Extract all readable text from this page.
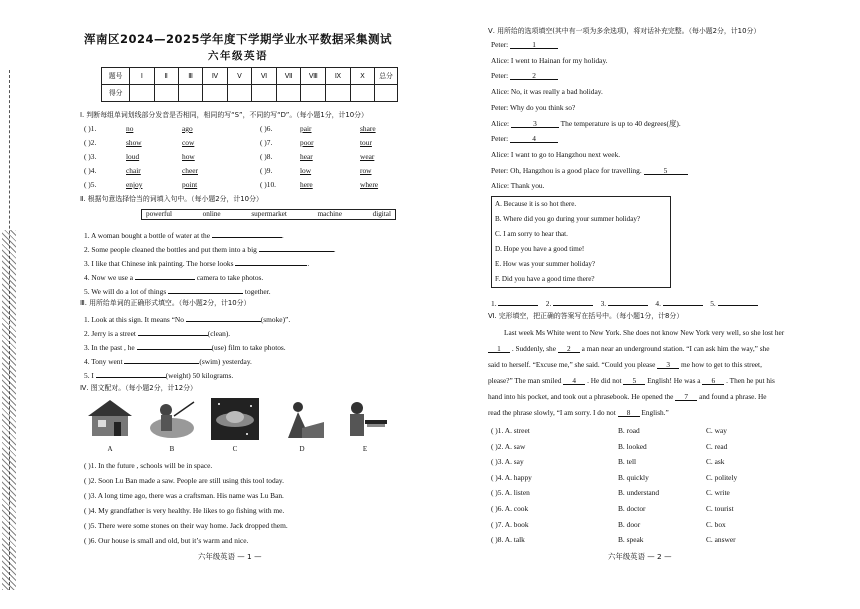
浑南区2024—2025学年度下学期学业水平数据采集测试
六年级英语
题号	Ⅰ	Ⅱ	Ⅲ	Ⅳ	Ⅴ	Ⅵ	Ⅶ	Ⅷ	Ⅸ	Ⅹ	总分
得分											
Ⅰ. 判断每组单词划线部分发音是否相同，相同的写“S”，不同的写“D”。（每小题1分，计10分）
( )1.	no	ago	( )6.	pair	share
( )2.	show	cow	( )7.	poor	tour
( )3.	loud	how	( )8.	hear	wear
( )4.	chair	cheer	( )9.	low	row
( )5.	enjoy	point	( )10.	here	where
Ⅱ. 根据句意选择恰当的词填入句中。（每小题2分，计10分）
powerful	online	supermarket	machine	digital
1. A woman bought a bottle of water at the	.
2. Some people cleaned the bottles and put them into a big	.
3. I like that Chinese ink painting. The horse looks	.
4. Now we use a	camera to take photos.
5. We will do a lot of things	together.
Ⅲ. 用所给单词的正确形式填空。（每小题2分，计10分）
1. Look at this sign. It means “No	(smoke)”.
2. Jerry is a street	(clean).
3. In the past , he	(use) film to take photos.
4. Tony went	(swim) yesterday.
5. I	(weight) 50 kilograms.
Ⅳ. 图文配对。（每小题2分，计12分）
A	B	C	D	E
( )1. In the future , schools will be in space.
( )2. Soon Lu Ban made a saw. People are still using this tool today.
( )3. A long time ago, there was a craftsman. His name was Lu Ban.
( )4. My grandfather is very healthy. He likes to go fishing with me.
( )5. There were some stones on their way home. Jack dropped them.
( )6. Our house is small and old, but it’s warm and nice.
六年级英语 — 1 —
Ⅴ. 用所给的选项填空(其中有一项为多余选项)，将对话补充完整。（每小题2分，计10分）
Peter:	1
Alice: I went to Hainan for my holiday.
Peter:	2
Alice: No, it was really a bad holiday.
Peter: Why do you think so?
Alice:	3	The temperature is up to 40 degrees(度).
Peter:	4
Alice: I want to go to Hangzhou next week.
Peter: Oh, Hangzhou is a good place for travelling.	5
Alice: Thank you.
A. Because it is so hot there.
B. Where did you go during your summer holiday?
C. I am sorry to hear that.
D. Hope you have a good time!
E. How was your summer holiday?
F. Did you have a good time there?
1.	2.	3.	4.	5.
Ⅵ. 完形填空，把正确的答案写在括号中。（每小题1分，计8分）
Last week Ms White went to New York. She does not know New York very well, so she lost her
1 . Suddenly, she 2 a man near an underground station. “I can ask him the way,” she
said to herself. “Excuse me,” she said. “Could you please 3 me how to get to this street,
please?” The man smiled 4 . He did not 5 English! He was a 6 . Then he put his
hand into his pocket, and took out a phrasebook. He opened the 7 and found a phrase. He
read the phrase slowly, “I am sorry. I do not 8 English.”
( )1. A. street	B. road	C. way
( )2. A. saw	B. looked	C. read
( )3. A. say	B. tell	C. ask
( )4. A. happy	B. quickly	C. politely
( )5. A. listen	B. understand	C. write
( )6. A. cook	B. doctor	C. tourist
( )7. A. book	B. door	C. box
( )8. A. talk	B. speak	C. answer
六年级英语 — 2 —
